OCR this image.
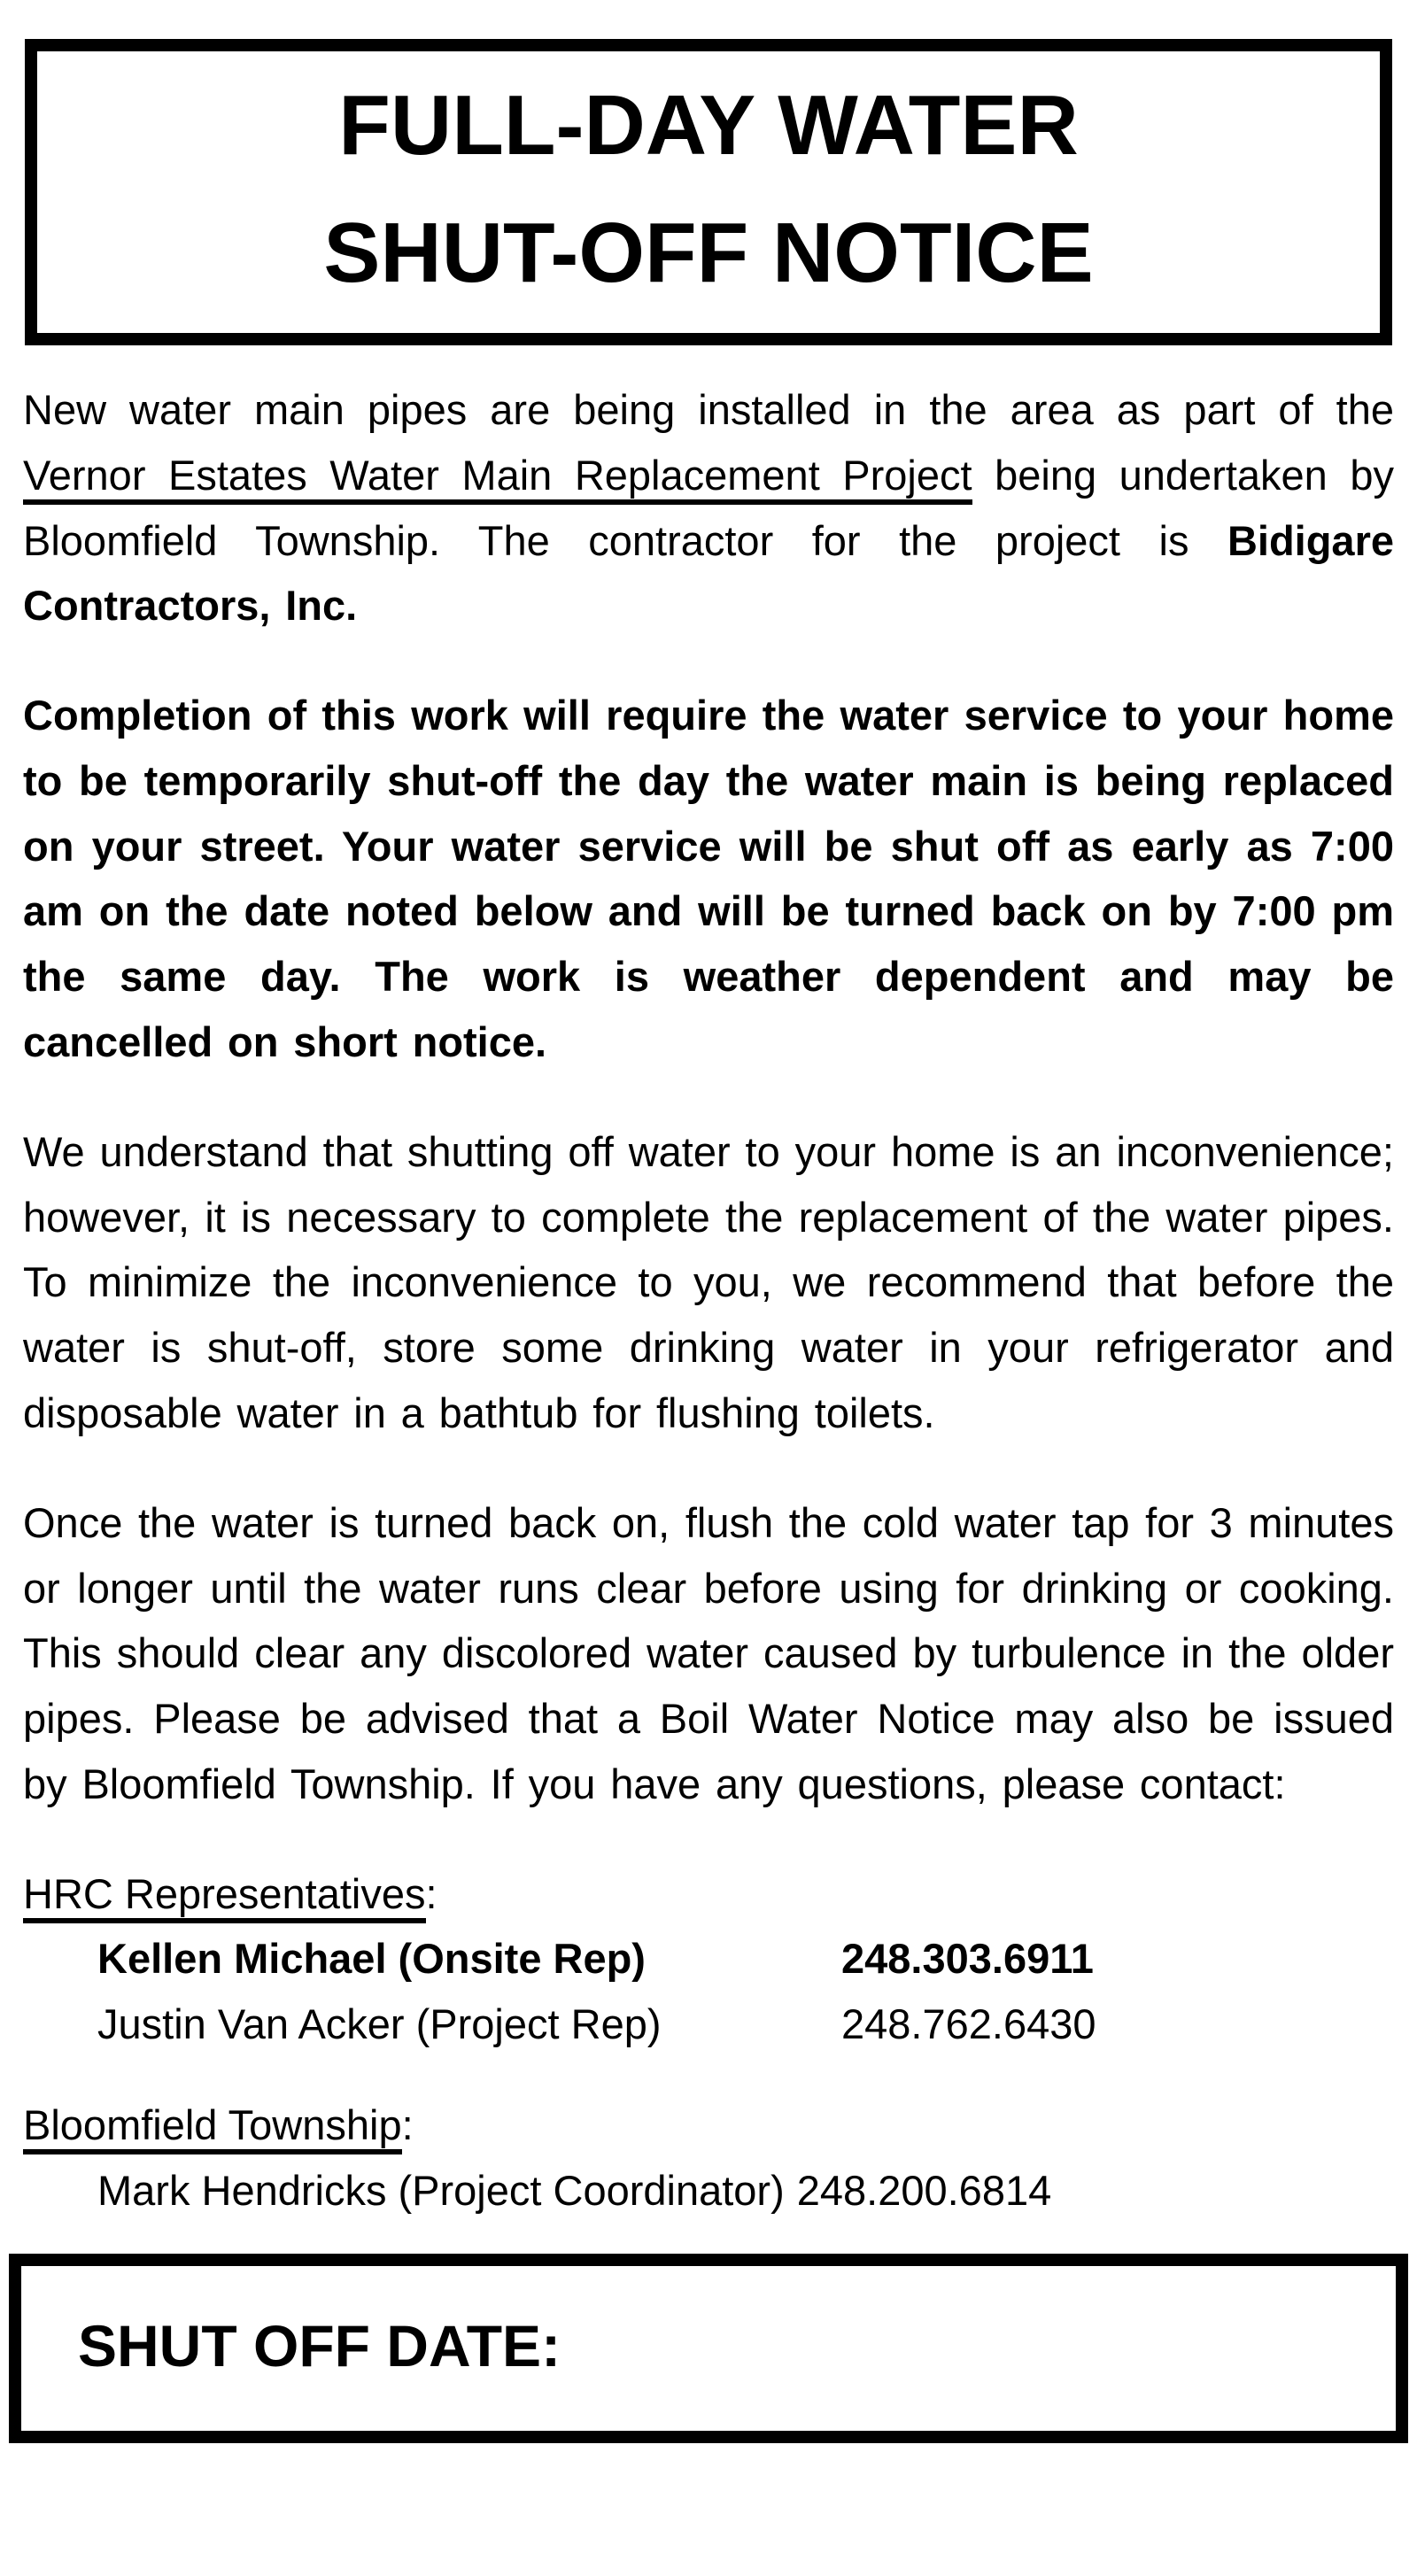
FULL-DAY WATER
SHUT-OFF NOTICE

New water main pipes are being installed in the area as part of the Vernor Estates Water Main Replacement Project being undertaken by Bloomfield Township. The contractor for the project is Bidigare Contractors, Inc.

Completion of this work will require the water service to your home to be temporarily shut-off the day the water main is being replaced on your street. Your water service will be shut off as early as 7:00 am on the date noted below and will be turned back on by 7:00 pm the same day. The work is weather dependent and may be cancelled on short notice.

We understand that shutting off water to your home is an inconvenience; however, it is necessary to complete the replacement of the water pipes. To minimize the inconvenience to you, we recommend that before the water is shut-off, store some drinking water in your refrigerator and disposable water in a bathtub for flushing toilets.

Once the water is turned back on, flush the cold water tap for 3 minutes or longer until the water runs clear before using for drinking or cooking. This should clear any discolored water caused by turbulence in the older pipes. Please be advised that a Boil Water Notice may also be issued by Bloomfield Township. If you have any questions, please contact:

HRC Representatives:

Kellen Michael (Onsite Rep)	248.303.6911

Justin Van Acker (Project Rep)	248.762.6430

Bloomfield Township:

Mark Hendricks (Project Coordinator) 248.200.6814

SHUT OFF DATE:
